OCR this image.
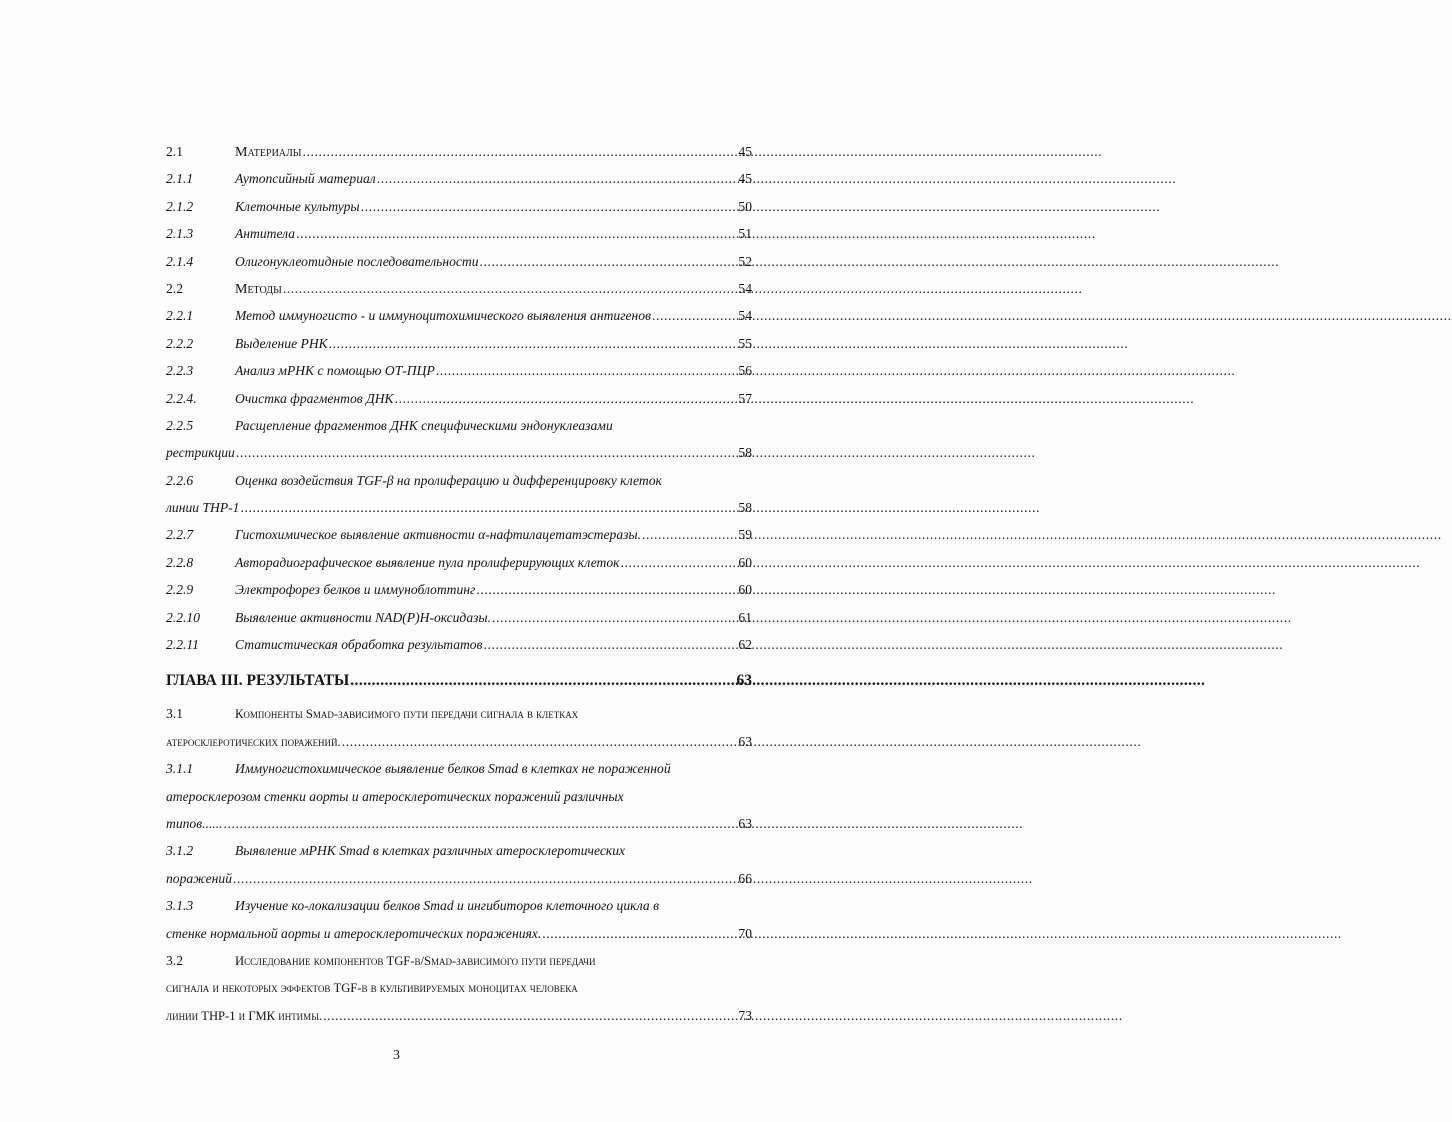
2.1	Материалы .....	45
2.1.1	Аутопсийный материал .....	45
2.1.2	Клеточные культуры .....	50
2.1.3	Антитела .....	51
2.1.4	Олигонуклеотидные последовательности .....	52
2.2	Методы .....	54
2.2.1	Метод иммуногисто - и иммуноцитохимического выявления антигенов .....	54
2.2.2	Выделение РНК .....	55
2.2.3	Анализ мРНК с помощью ОТ-ПЦР .....	56
2.2.4.	Очистка фрагментов ДНК .....	57
2.2.5	Расщепление фрагментов ДНК специфическими эндонуклеазами
рестрикции .....	58
2.2.6	Оценка воздействия TGF-β на пролиферацию и дифференцировку клеток
линии THP-1 .....	58
2.2.7	Гистохимическое выявление активности α-нафтилацетатэстеразы. .....	59
2.2.8	Авторадиографическое выявление пула пролиферирующих клеток .....	60
2.2.9	Электрофорез белков и иммуноблоттинг .....	60
2.2.10	Выявление активности NAD(P)H-оксидазы. .....	61
2.2.11	Статистическая обработка результатов .....	62
ГЛАВА III. РЕЗУЛЬТАТЫ .....	63
3.1	Компоненты Smad-зависимого пути передачи сигнала в клетках
атеросклеротических поражений. .....	63
3.1.1	Иммуногистохимическое выявление белков Smad в клетках не пораженной
атеросклерозом стенки аорты и атеросклеротических поражений различных
типов...... .....	63
3.1.2	Выявление мРНК Smad в клетках различных атеросклеротических
поражений .....	66
3.1.3	Изучение ко-локализации белков Smad и ингибиторов клеточного цикла в
стенке нормальной аорты и атеросклеротических поражениях. .....	70
3.2	Исследование компонентов TGF-β/Smad-зависимого пути передачи
сигнала и некоторых эффектов TGF-β в культивируемых моноцитах человека
линии THP-1 и ГМК интимы. .....	73
3
